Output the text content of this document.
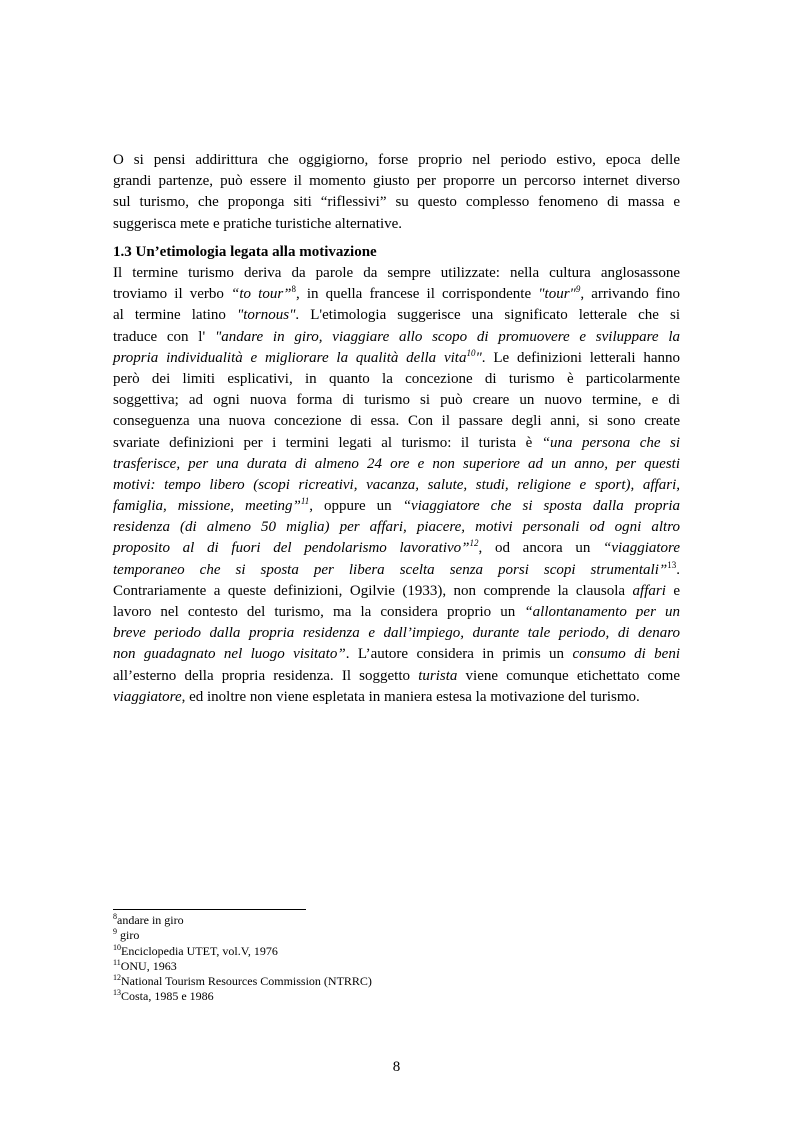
O si pensi addirittura che oggigiorno, forse proprio nel periodo estivo, epoca delle
grandi partenze, può essere il momento giusto per proporre un percorso internet diverso
sul turismo, che proponga siti “riflessivi” su questo complesso fenomeno di massa e
suggerisca mete e pratiche turistiche alternative.
1.3 Un’etimologia legata alla motivazione
Il termine turismo deriva da parole da sempre utilizzate: nella cultura anglosassone
troviamo il verbo “to tour”$^8$, in quella francese il corrispondente "tour"$^9$, arrivando fino
al termine latino "tornous". L'etimologia suggerisce una significato letterale che si
traduce con l' "andare in giro, viaggiare allo scopo di promuovere e sviluppare la
propria individualità e migliorare la qualità della vita$^{10}$". Le definizioni letterali hanno
però dei limiti esplicativi, in quanto la concezione di turismo è particolarmente
soggettiva; ad ogni nuova forma di turismo si può creare un nuovo termine, e di
conseguenza una nuova concezione di essa. Con il passare degli anni, si sono create
svariate definizioni per i termini legati al turismo: il turista è “una persona che si
trasferisce, per una durata di almeno 24 ore e non superiore ad un anno, per questi
motivi: tempo libero (scopi ricreativi, vacanza, salute, studi, religione e sport), affari,
famiglia, missione, meeting”$^{11}$, oppure un “viaggiatore che si sposta dalla propria
residenza (di almeno 50 miglia) per affari, piacere, motivi personali od ogni altro
proposito al di fuori del pendolarismo lavorativo”$^{12}$, od ancora un “viaggiatore
temporaneo che si sposta per libera scelta senza porsi scopi strumentali”$^{13}$.
Contrariamente a queste definizioni, Ogilvie (1933), non comprende la clausola affari e
lavoro nel contesto del turismo, ma la considera proprio un “allontanamento per un
breve periodo dalla propria residenza e dall’impiego, durante tale periodo, di denaro
non guadagnato nel luogo visitato”. L’autore considera in primis un consumo di beni
all’esterno della propria residenza. Il soggetto turista viene comunque etichettato come
viaggiatore, ed inoltre non viene espletata in maniera estesa la motivazione del turismo.
$^8$andare in giro
$^9$ giro
$^{10}$Enciclopedia UTET, vol.V, 1976
$^{11}$ONU, 1963
$^{12}$National Tourism Resources Commission (NTRRC)
$^{13}$Costa, 1985 e 1986
8
